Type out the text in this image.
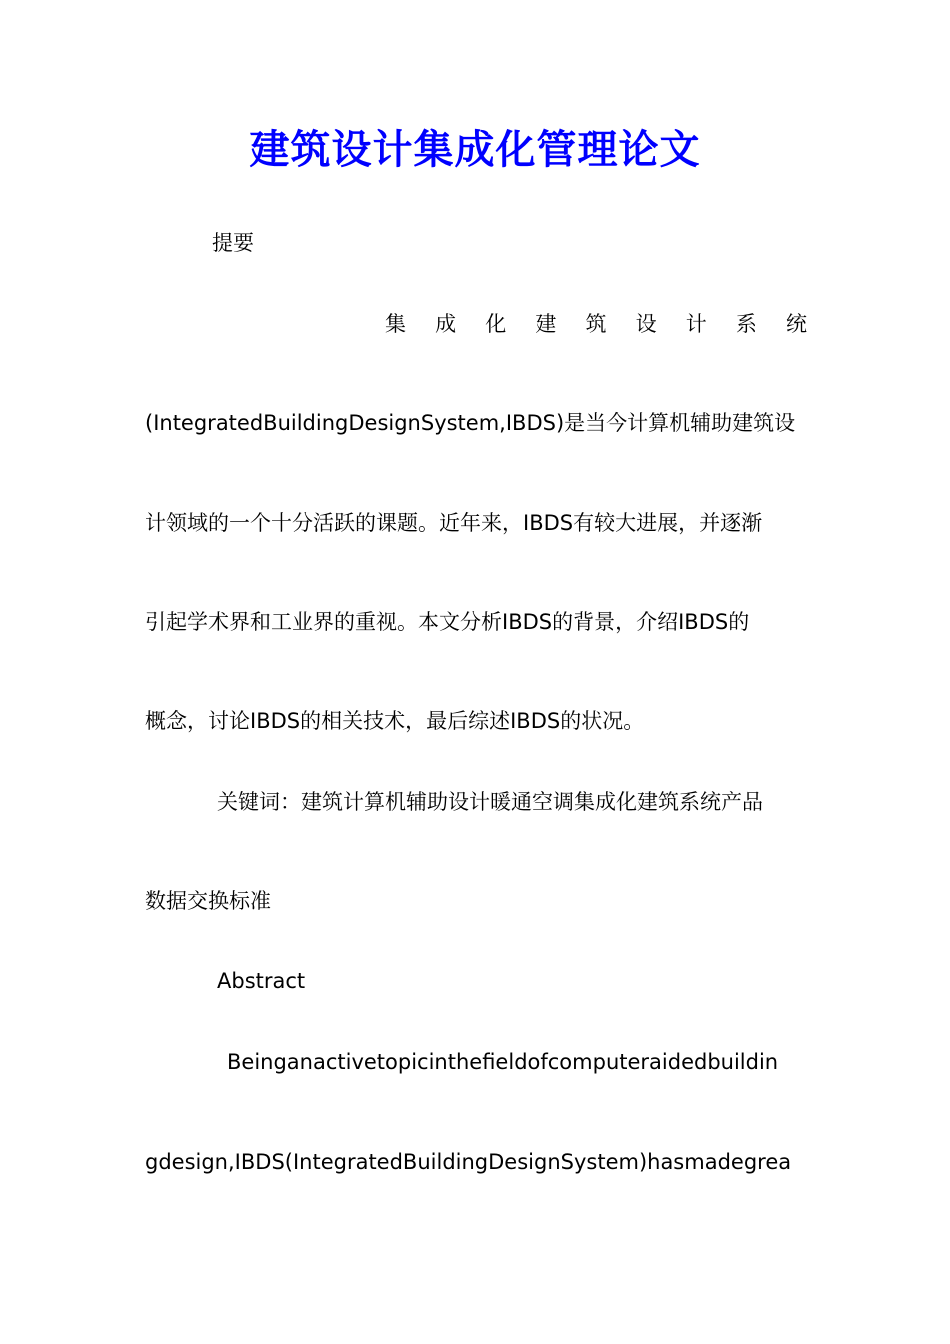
建筑设计集成化管理论文
提要
集 成 化 建 筑 设 计 系 统
(IntegratedBuildingDesignSystem,IBDS)是当今计算机辅助建筑设
计领域的一个十分活跃的课题。近年来，IBDS有较大进展，并逐渐
引起学术界和工业界的重视。本文分析IBDS的背景，介绍IBDS的
概念，讨论IBDS的相关技术，最后综述IBDS的状况。
关键词：建筑计算机辅助设计暖通空调集成化建筑系统产品
数据交换标准
Abstract
Beinganactivetopicinthefieldofcomputeraidedbuildin
gdesign,IBDS(IntegratedBuildingDesignSystem)hasmadegrea
